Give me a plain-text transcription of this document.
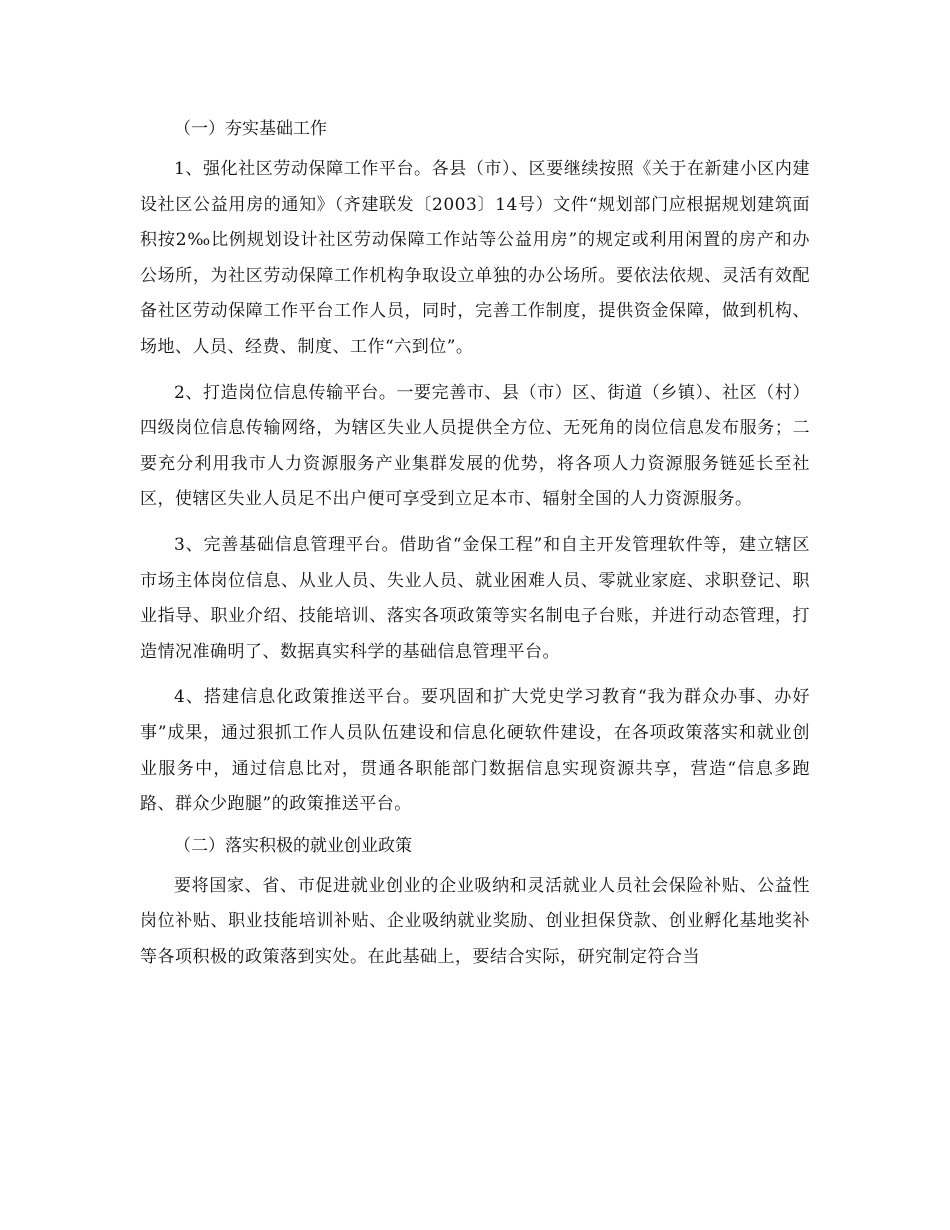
（一）夯实基础工作

1、强化社区劳动保障工作平台。各县（市）、区要继续按照《关于在新建小区内建设社区公益用房的通知》（齐建联发〔2003〕14号）文件“规划部门应根据规划建筑面积按2‰比例规划设计社区劳动保障工作站等公益用房”的规定或利用闲置的房产和办公场所，为社区劳动保障工作机构争取设立单独的办公场所。要依法依规、灵活有效配备社区劳动保障工作平台工作人员，同时，完善工作制度，提供资金保障，做到机构、场地、人员、经费、制度、工作“六到位”。

2、打造岗位信息传输平台。一要完善市、县（市）区、街道（乡镇）、社区（村）四级岗位信息传输网络，为辖区失业人员提供全方位、无死角的岗位信息发布服务；二要充分利用我市人力资源服务产业集群发展的优势，将各项人力资源服务链延长至社区，使辖区失业人员足不出户便可享受到立足本市、辐射全国的人力资源服务。

3、完善基础信息管理平台。借助省“金保工程”和自主开发管理软件等，建立辖区市场主体岗位信息、从业人员、失业人员、就业困难人员、零就业家庭、求职登记、职业指导、职业介绍、技能培训、落实各项政策等实名制电子台账，并进行动态管理，打造情况准确明了、数据真实科学的基础信息管理平台。

4、搭建信息化政策推送平台。要巩固和扩大党史学习教育“我为群众办事、办好事”成果，通过狠抓工作人员队伍建设和信息化硬软件建设，在各项政策落实和就业创业服务中，通过信息比对，贯通各职能部门数据信息实现资源共享，营造“信息多跑路、群众少跑腿”的政策推送平台。

（二）落实积极的就业创业政策

要将国家、省、市促进就业创业的企业吸纳和灵活就业人员社会保险补贴、公益性岗位补贴、职业技能培训补贴、企业吸纳就业奖励、创业担保贷款、创业孵化基地奖补等各项积极的政策落到实处。在此基础上，要结合实际，研究制定符合当
